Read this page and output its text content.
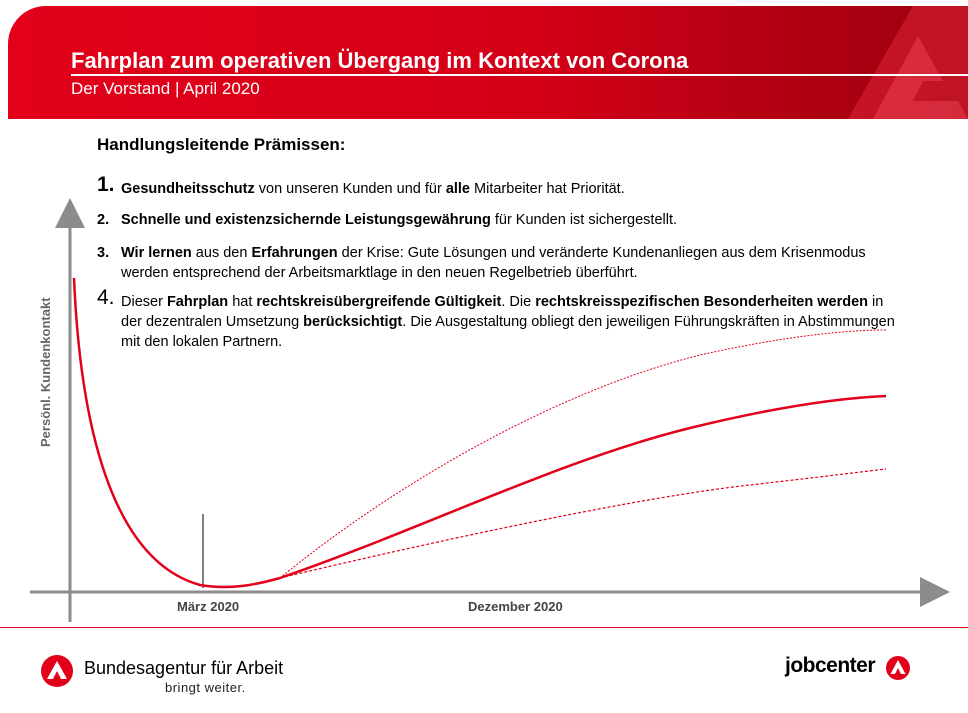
Fahrplan zum operativen Übergang im Kontext von Corona
Der Vorstand | April 2020
Handlungsleitende Prämissen:
1. Gesundheitsschutz von unseren Kunden und für alle Mitarbeiter hat Priorität.
2. Schnelle und existenzsichernde Leistungsgewährung für Kunden ist sichergestellt.
3. Wir lernen aus den Erfahrungen der Krise: Gute Lösungen und veränderte Kundenanliegen aus dem Krisenmodus werden entsprechend der Arbeitsmarktlage in den neuen Regelbetrieb überführt.
4. Dieser Fahrplan hat rechtskreisübergreifende Gültigkeit. Die rechtskreisspezifischen Besonderheiten werden in der dezentralen Umsetzung berücksichtigt. Die Ausgestaltung obliegt den jeweiligen Führungskräften in Abstimmungen mit den lokalen Partnern.
Persönl. Kundenkontakt
März 2020	Dezember 2020
Bundesagentur für Arbeit
bringt weiter.
jobcenter
